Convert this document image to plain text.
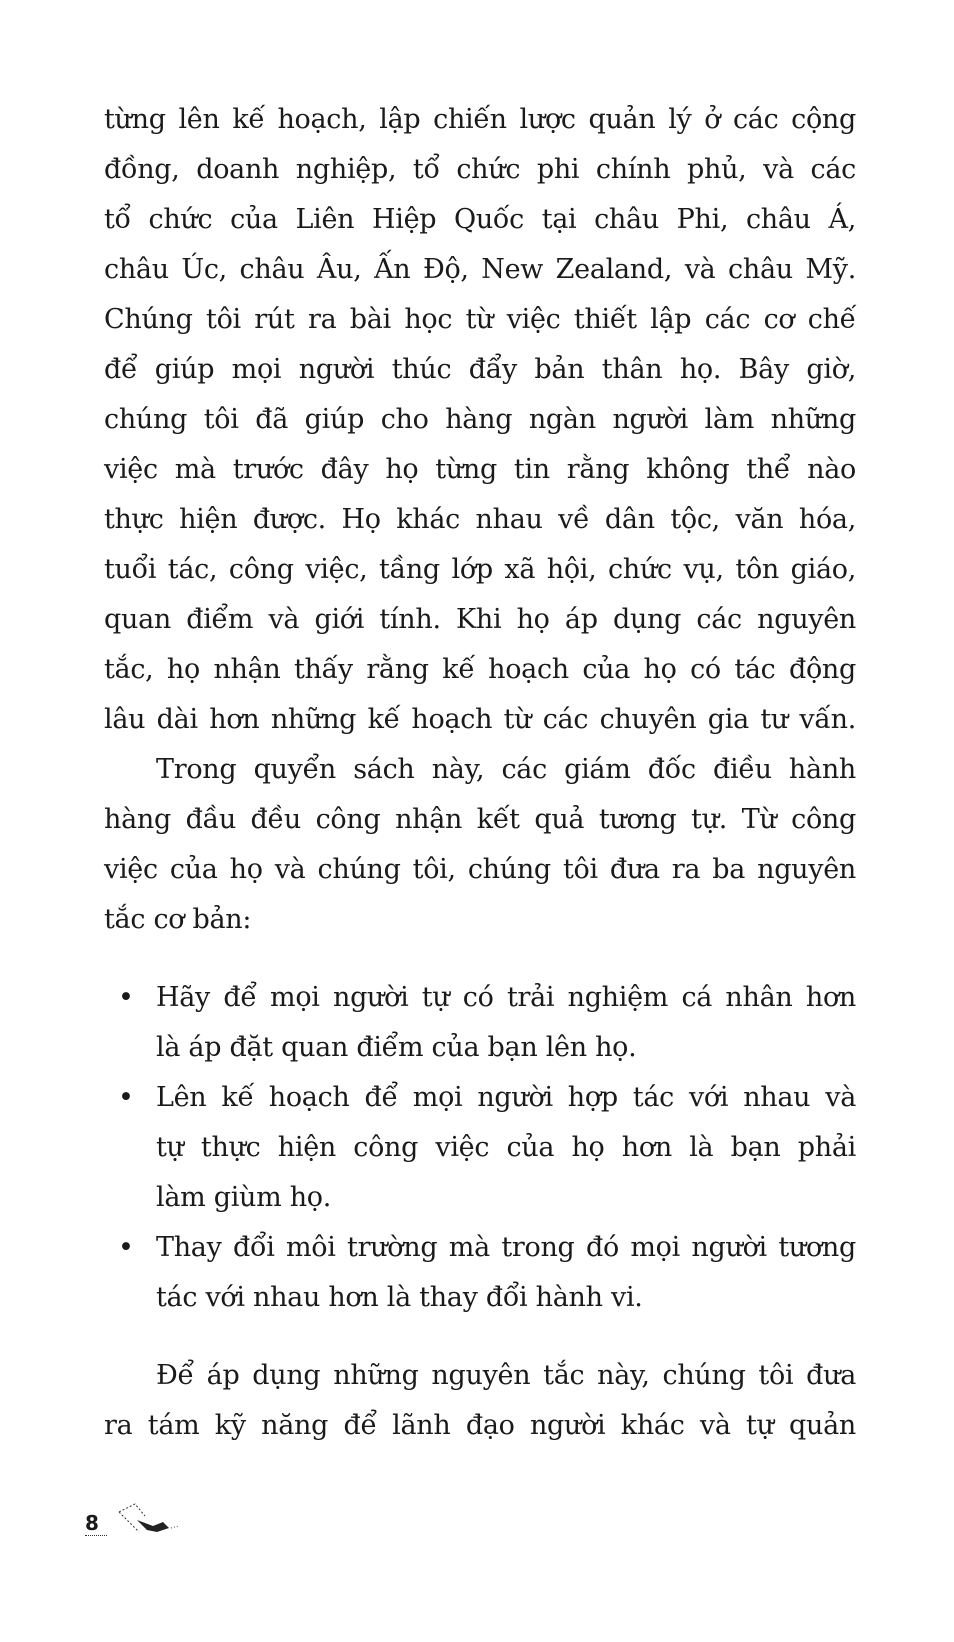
từng lên kế hoạch, lập chiến lược quản lý ở các cộng
đồng, doanh nghiệp, tổ chức phi chính phủ, và các
tổ chức của Liên Hiệp Quốc tại châu Phi, châu Á,
châu Úc, châu Âu, Ấn Độ, New Zealand, và châu Mỹ.
Chúng tôi rút ra bài học từ việc thiết lập các cơ chế
để giúp mọi người thúc đẩy bản thân họ. Bây giờ,
chúng tôi đã giúp cho hàng ngàn người làm những
việc mà trước đây họ từng tin rằng không thể nào
thực hiện được. Họ khác nhau về dân tộc, văn hóa,
tuổi tác, công việc, tầng lớp xã hội, chức vụ, tôn giáo,
quan điểm và giới tính. Khi họ áp dụng các nguyên
tắc, họ nhận thấy rằng kế hoạch của họ có tác động
lâu dài hơn những kế hoạch từ các chuyên gia tư vấn.
Trong quyển sách này, các giám đốc điều hành
hàng đầu đều công nhận kết quả tương tự. Từ công
việc của họ và chúng tôi, chúng tôi đưa ra ba nguyên
tắc cơ bản:
• Hãy để mọi người tự có trải nghiệm cá nhân hơn
là áp đặt quan điểm của bạn lên họ.
• Lên kế hoạch để mọi người hợp tác với nhau và
tự thực hiện công việc của họ hơn là bạn phải
làm giùm họ.
• Thay đổi môi trường mà trong đó mọi người tương
tác với nhau hơn là thay đổi hành vi.
Để áp dụng những nguyên tắc này, chúng tôi đưa
ra tám kỹ năng để lãnh đạo người khác và tự quản
8
